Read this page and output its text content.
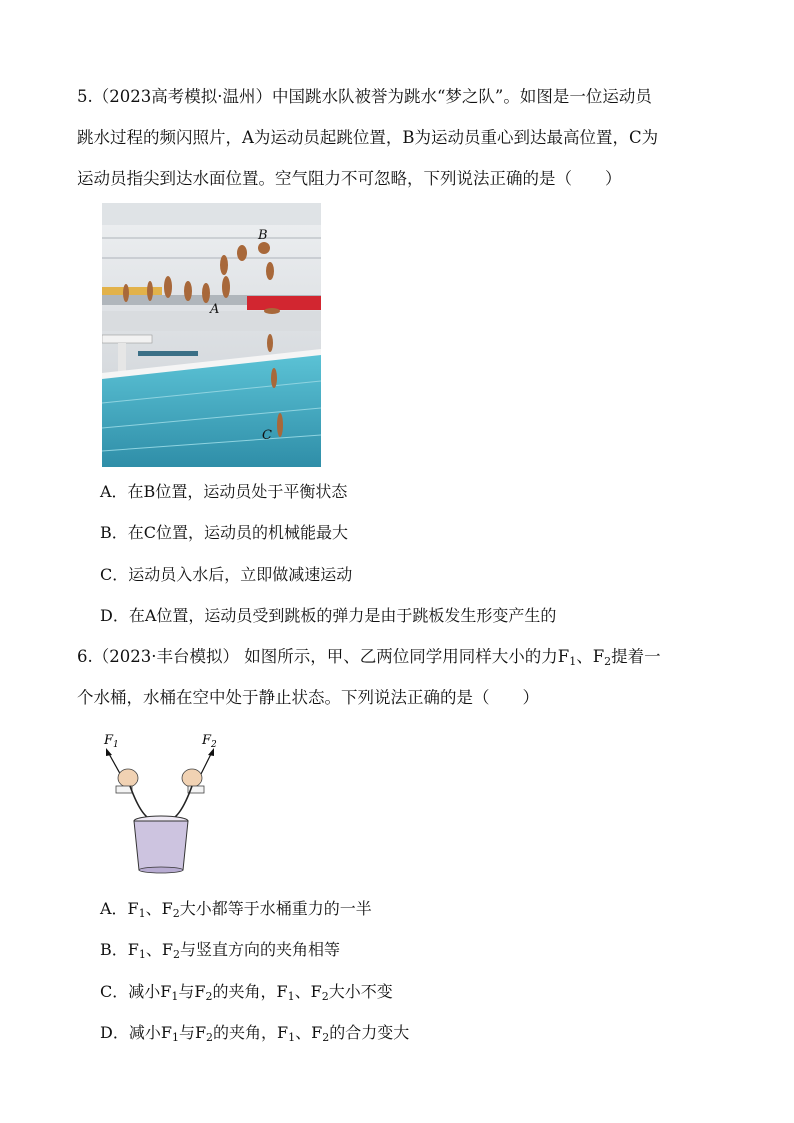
5.（2023高考模拟·温州）中国跳水队被誉为跳水“梦之队”。如图是一位运动员
跳水过程的频闪照片，A为运动员起跳位置，B为运动员重心到达最高位置，C为
运动员指尖到达水面位置。空气阻力不可忽略，下列说法正确的是（　　）
B
A
C
A．在B位置，运动员处于平衡状态
B．在C位置，运动员的机械能最大
C．运动员入水后，立即做减速运动
D．在A位置，运动员受到跳板的弹力是由于跳板发生形变产生的
6.（2023·丰台模拟） 如图所示，甲、乙两位同学用同样大小的力$F_1$、$F_2$提着一
个水桶，水桶在空中处于静止状态。下列说法正确的是（　　）
$F_1$	$F_2$
A．$F_1$、$F_2$大小都等于水桶重力的一半
B．$F_1$、$F_2$与竖直方向的夹角相等
C．减小$F_1$与$F_2$的夹角，$F_1$、$F_2$大小不变
D．减小$F_1$与$F_2$的夹角，$F_1$、$F_2$的合力变大
